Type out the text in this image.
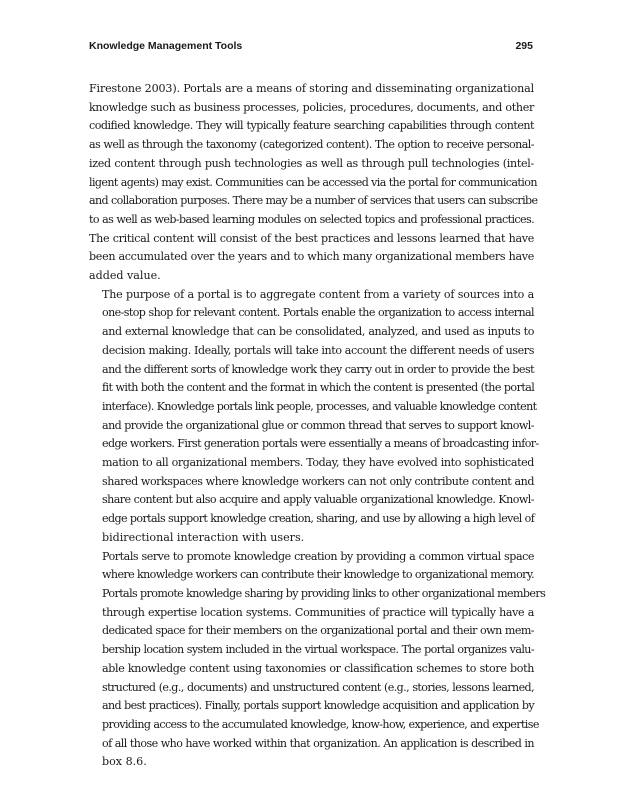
Knowledge Management Tools	295

Firestone 2003). Portals are a means of storing and disseminating organizational
knowledge such as business processes, policies, procedures, documents, and other
codified knowledge. They will typically feature searching capabilities through content
as well as through the taxonomy (categorized content). The option to receive personal-
ized content through push technologies as well as through pull technologies (intel-
ligent agents) may exist. Communities can be accessed via the portal for communication
and collaboration purposes. There may be a number of services that users can subscribe
to as well as web-based learning modules on selected topics and professional practices.
The critical content will consist of the best practices and lessons learned that have
been accumulated over the years and to which many organizational members have
added value.

The purpose of a portal is to aggregate content from a variety of sources into a
one-stop shop for relevant content. Portals enable the organization to access internal
and external knowledge that can be consolidated, analyzed, and used as inputs to
decision making. Ideally, portals will take into account the different needs of users
and the different sorts of knowledge work they carry out in order to provide the best
fit with both the content and the format in which the content is presented (the portal
interface). Knowledge portals link people, processes, and valuable knowledge content
and provide the organizational glue or common thread that serves to support knowl-
edge workers. First generation portals were essentially a means of broadcasting infor-
mation to all organizational members. Today, they have evolved into sophisticated
shared workspaces where knowledge workers can not only contribute content and
share content but also acquire and apply valuable organizational knowledge. Knowl-
edge portals support knowledge creation, sharing, and use by allowing a high level of
bidirectional interaction with users.

Portals serve to promote knowledge creation by providing a common virtual space
where knowledge workers can contribute their knowledge to organizational memory.
Portals promote knowledge sharing by providing links to other organizational members
through expertise location systems. Communities of practice will typically have a
dedicated space for their members on the organizational portal and their own mem-
bership location system included in the virtual workspace. The portal organizes valu-
able knowledge content using taxonomies or classification schemes to store both
structured (e.g., documents) and unstructured content (e.g., stories, lessons learned,
and best practices). Finally, portals support knowledge acquisition and application by
providing access to the accumulated knowledge, know-how, experience, and expertise
of all those who have worked within that organization. An application is described in
box 8.6.
